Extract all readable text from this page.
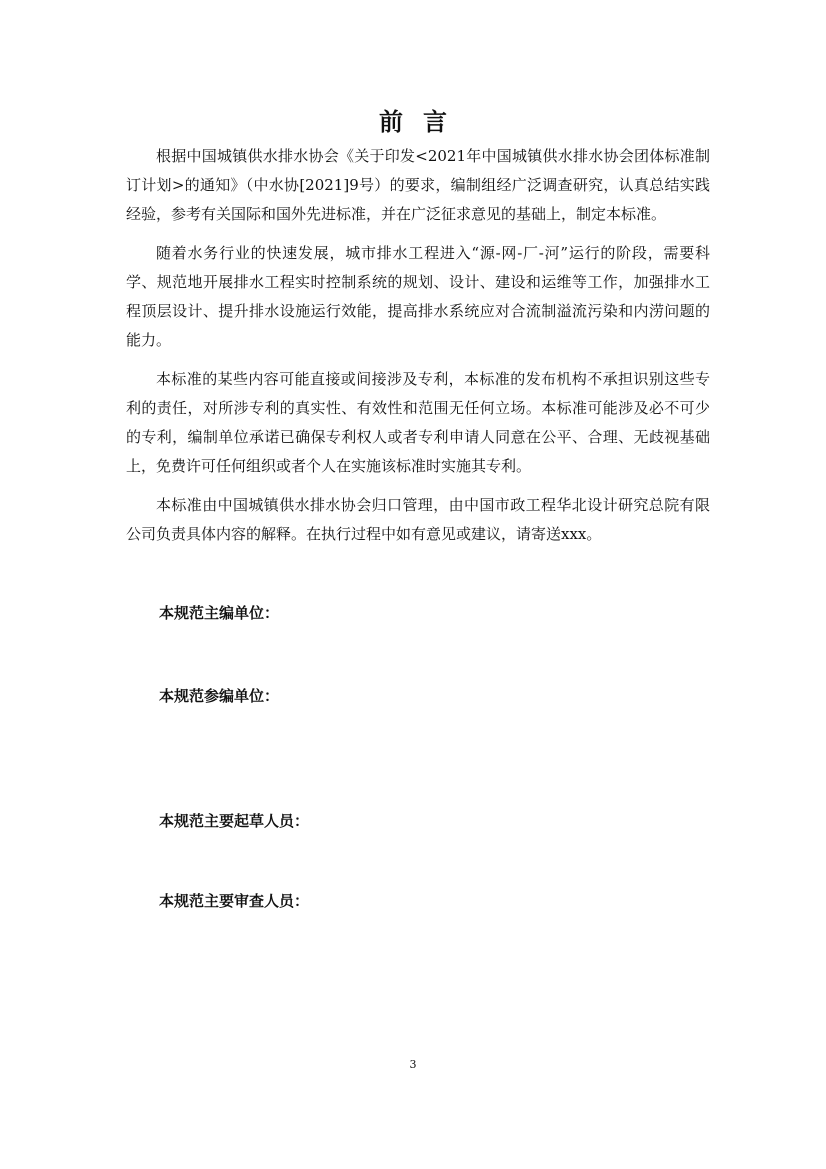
前言

根据中国城镇供水排水协会《关于印发<2021年中国城镇供水排水协会团体标准制订计划>的通知》（中水协[2021]9号）的要求，编制组经广泛调查研究，认真总结实践经验，参考有关国际和国外先进标准，并在广泛征求意见的基础上，制定本标准。

随着水务行业的快速发展，城市排水工程进入“源-网-厂-河”运行的阶段，需要科学、规范地开展排水工程实时控制系统的规划、设计、建设和运维等工作，加强排水工程顶层设计、提升排水设施运行效能，提高排水系统应对合流制溢流污染和内涝问题的能力。

本标准的某些内容可能直接或间接涉及专利，本标准的发布机构不承担识别这些专利的责任，对所涉专利的真实性、有效性和范围无任何立场。本标准可能涉及必不可少的专利，编制单位承诺已确保专利权人或者专利申请人同意在公平、合理、无歧视基础上，免费许可任何组织或者个人在实施该标准时实施其专利。

本标准由中国城镇供水排水协会归口管理，由中国市政工程华北设计研究总院有限公司负责具体内容的解释。在执行过程中如有意见或建议，请寄送xxx。

本规范主编单位：
本规范参编单位：
本规范主要起草人员：
本规范主要审查人员：
3
